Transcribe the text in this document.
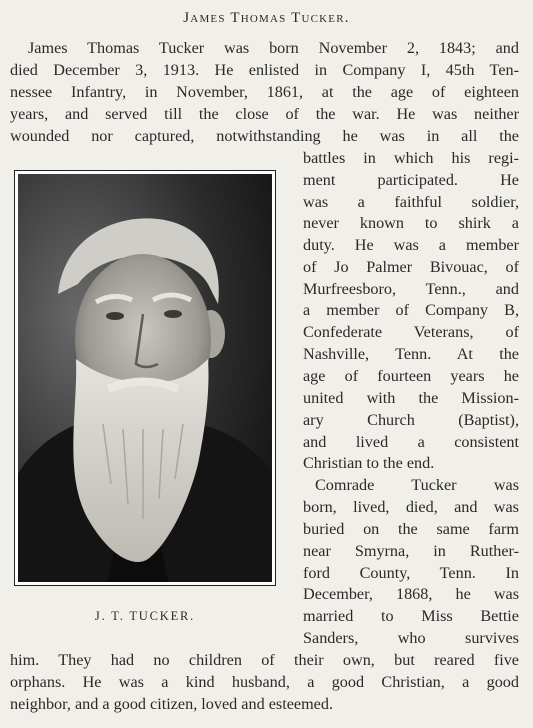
James Thomas Tucker.
James Thomas Tucker was born November 2, 1843; and
died December 3, 1913. He enlisted in Company I, 45th Ten-
nessee Infantry, in November, 1861, at the age of eighteen
years, and served till the close of the war. He was neither
wounded nor captured, notwithstanding he was in all the
battles in which his regi-
ment participated. He
was a faithful soldier,
never known to shirk a
duty. He was a member
of Jo Palmer Bivouac, of
Murfreesboro, Tenn., and
a member of Company B,
Confederate Veterans, of
Nashville, Tenn. At the
age of fourteen years he
united with the Mission-
ary Church (Baptist),
and lived a consistent
Christian to the end.
Comrade Tucker was
born, lived, died, and was
buried on the same farm
near Smyrna, in Ruther-
ford County, Tenn. In
December, 1868, he was
married to Miss Bettie
Sanders, who survives
him. They had no children of their own, but reared five
orphans. He was a kind husband, a good Christian, a good
neighbor, and a good citizen, loved and esteemed.
J. T. TUCKER.
